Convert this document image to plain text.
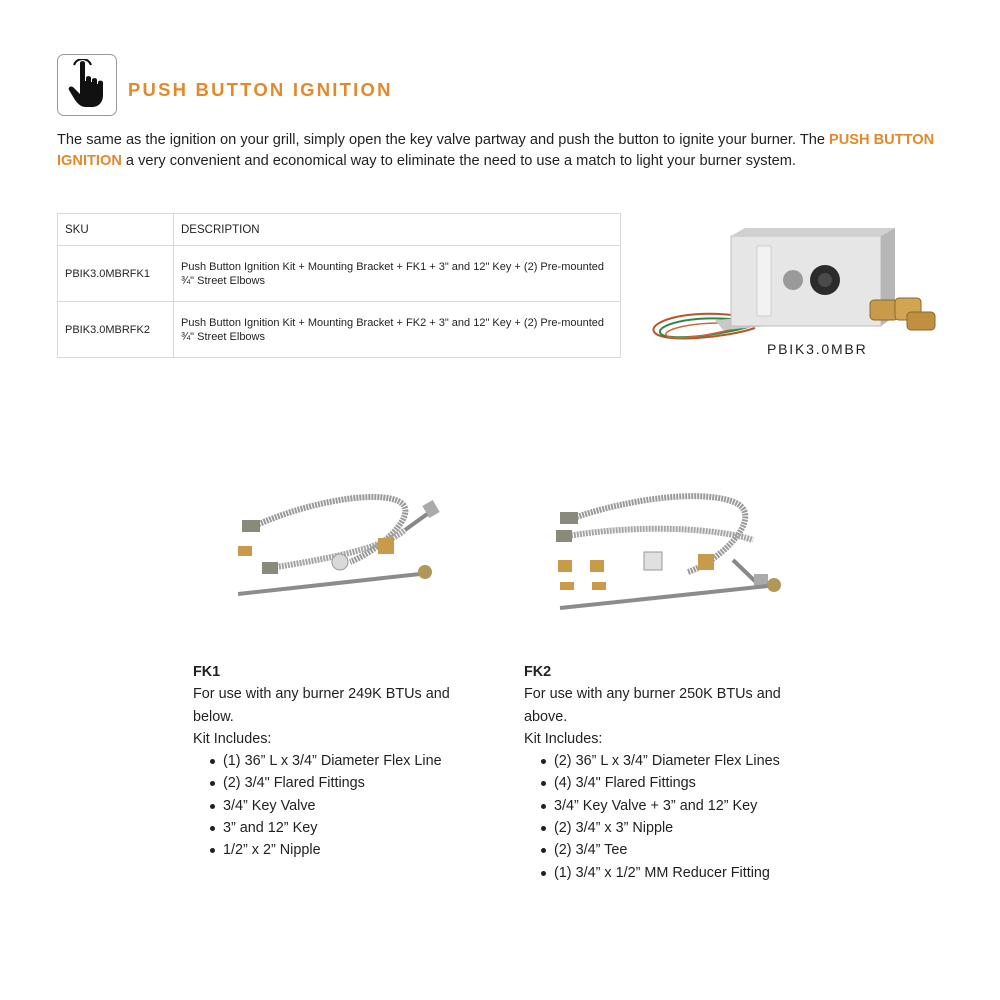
PUSH BUTTON IGNITION
The same as the ignition on your grill, simply open the key valve partway and push the button to ignite your burner. The PUSH BUTTON IGNITION a very convenient and economical way to eliminate the need to use a match to light your burner system.
SKU	DESCRIPTION
PBIK3.0MBRFK1	Push Button Ignition Kit + Mounting Bracket + FK1 + 3" and 12" Key + (2) Pre-mounted ¾" Street Elbows
PBIK3.0MBRFK2	Push Button Ignition Kit + Mounting Bracket + FK2 + 3" and 12" Key + (2) Pre-mounted ¾" Street Elbows
PBIK3.0MBR
FK1
For use with any burner 249K BTUs and below.
Kit Includes:
(1) 36” L x 3/4” Diameter Flex Line
(2) 3/4" Flared Fittings
3/4” Key Valve
3” and 12” Key
1/2” x 2” Nipple
FK2
For use with any burner 250K BTUs and above.
Kit Includes:
(2) 36” L x 3/4” Diameter Flex Lines
(4) 3/4" Flared Fittings
3/4” Key Valve + 3” and 12” Key
(2) 3/4” x 3” Nipple
(2) 3/4” Tee
(1) 3/4” x 1/2” MM Reducer Fitting
